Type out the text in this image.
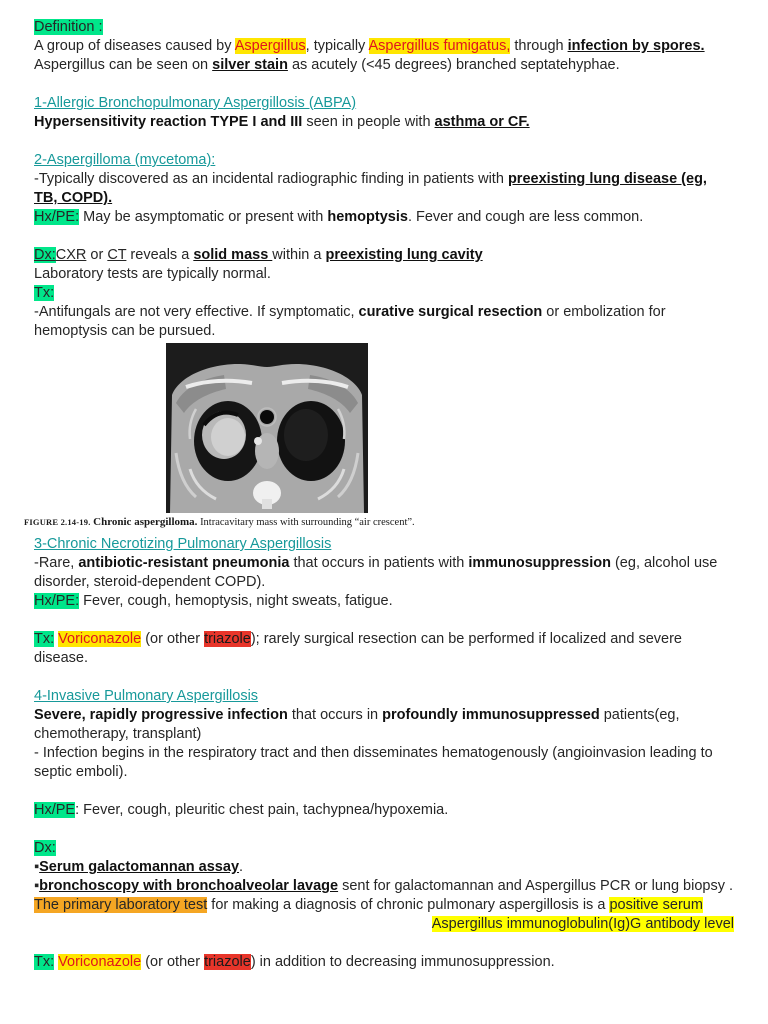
Definition :
A group of diseases caused by Aspergillus, typically Aspergillus fumigatus, through infection by spores.
Aspergillus can be seen on silver stain as acutely (<45 degrees) branched septatehyphae.
1-Allergic Bronchopulmonary Aspergillosis (ABPA)
Hypersensitivity reaction TYPE I and III seen in people with asthma or CF.
2-Aspergilloma (mycetoma):
-Typically discovered as an incidental radiographic finding in patients with preexisting lung disease (eg, TB, COPD).
Hx/PE: May be asymptomatic or present with hemoptysis. Fever and cough are less common.
Dx:CXR or CT reveals a solid mass within a preexisting lung cavity
Laboratory tests are typically normal.
Tx:
-Antifungals are not very effective. If symptomatic, curative surgical resection or embolization for hemoptysis can be pursued.
FIGURE 2.14-19. Chronic aspergilloma. Intracavitary mass with surrounding “air crescent”.
3-Chronic Necrotizing Pulmonary Aspergillosis
-Rare, antibiotic-resistant pneumonia that occurs in patients with immunosuppression (eg, alcohol use disorder, steroid-dependent COPD).
Hx/PE: Fever, cough, hemoptysis, night sweats, fatigue.
Tx: Voriconazole (or other triazole); rarely surgical resection can be performed if localized and severe disease.
4-Invasive Pulmonary Aspergillosis
Severe, rapidly progressive infection that occurs in profoundly immunosuppressed patients(eg, chemotherapy, transplant)
- Infection begins in the respiratory tract and then disseminates hematogenously (angioinvasion leading to septic emboli).
Hx/PE: Fever, cough, pleuritic chest pain, tachypnea/hypoxemia.
Dx:
▪Serum galactomannan assay.
▪bronchoscopy with bronchoalveolar lavage sent for galactomannan and Aspergillus PCR or lung biopsy .
The primary laboratory test for making a diagnosis of chronic pulmonary aspergillosis is a positive serum
Aspergillus immunoglobulin(Ig)G antibody level
Tx: Voriconazole (or other triazole) in addition to decreasing immunosuppression.
